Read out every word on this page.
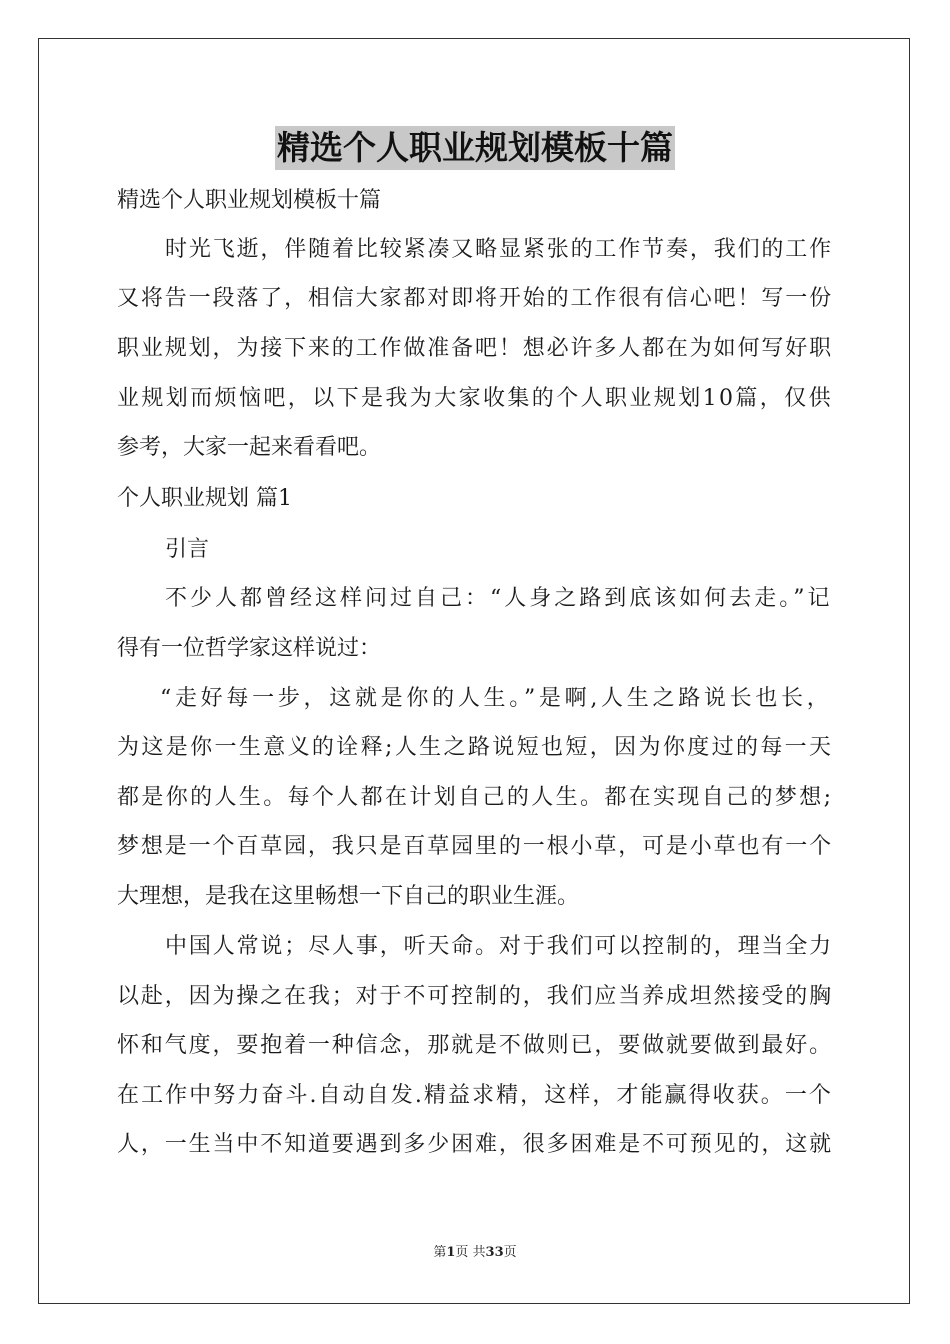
精选个人职业规划模板十篇
精选个人职业规划模板十篇
时光飞逝，伴随着比较紧凑又略显紧张的工作节奏，我们的工作
又将告一段落了，相信大家都对即将开始的工作很有信心吧！写一份
职业规划，为接下来的工作做准备吧！想必许多人都在为如何写好职
业规划而烦恼吧，以下是我为大家收集的个人职业规划10篇，仅供
参考，大家一起来看看吧。
个人职业规划 篇1
引言
不少人都曾经这样问过自己：“人身之路到底该如何去走。”记
得有一位哲学家这样说过：
“走好每一步，这就是你的人生。”是啊,人生之路说长也长，
为这是你一生意义的诠释;人生之路说短也短，因为你度过的每一天
都是你的人生。每个人都在计划自己的人生。都在实现自己的梦想;
梦想是一个百草园，我只是百草园里的一根小草，可是小草也有一个
大理想，是我在这里畅想一下自己的职业生涯。
中国人常说；尽人事，听天命。对于我们可以控制的，理当全力
以赴，因为操之在我；对于不可控制的，我们应当养成坦然接受的胸
怀和气度，要抱着一种信念，那就是不做则已，要做就要做到最好。
在工作中努力奋斗.自动自发.精益求精，这样，才能赢得收获。一个
人，一生当中不知道要遇到多少困难，很多困难是不可预见的，这就
第1页 共33页
